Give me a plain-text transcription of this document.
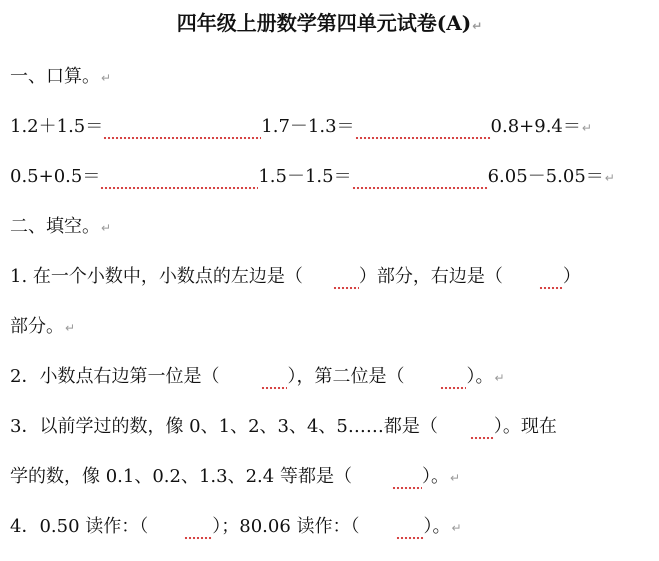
四年级上册数学第四单元试卷(A)↵
一、口算。↵
1.2＋1.5＝	1.7－1.3＝	0.8+9.4＝↵
0.5+0.5＝	1.5－1.5＝	6.05－5.05＝↵
二、填空。↵
1. 在一个小数中，小数点的左边是（	）部分，右边是（	）
部分。↵
2．小数点右边第一位是（	），第二位是（	）。↵
3．以前学过的数，像 0、1、2、3、4、5……都是（	）。现在
学的数，像 0.1、0.2、1.3、2.4 等都是（	）。↵
4．0.50 读作：（	）；80.06 读作：（	）。↵
